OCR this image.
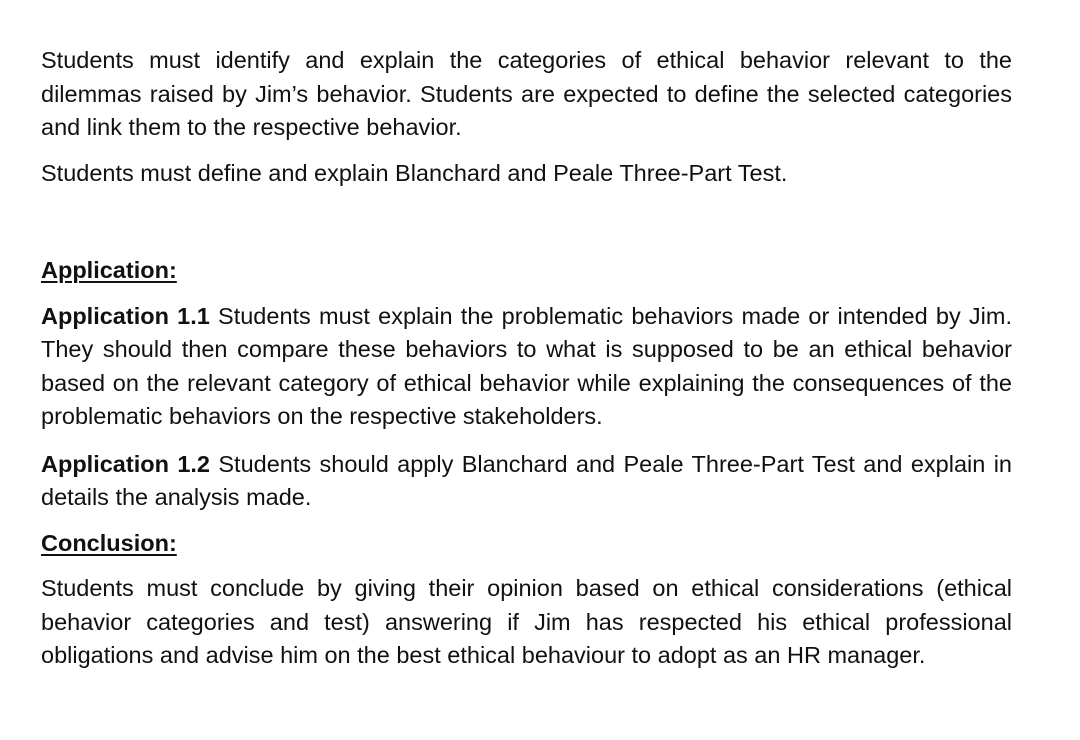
Students must identify and explain the categories of ethical behavior relevant to the dilemmas raised by Jim’s behavior. Students are expected to define the selected categories and link them to the respective behavior.

Students must define and explain Blanchard and Peale Three-Part Test.

Application:

Application 1.1 Students must explain the problematic behaviors made or intended by Jim. They should then compare these behaviors to what is supposed to be an ethical behavior based on the relevant category of ethical behavior while explaining the consequences of the problematic behaviors on the respective stakeholders.

Application 1.2 Students should apply Blanchard and Peale Three-Part Test and explain in details the analysis made.

Conclusion:

Students must conclude by giving their opinion based on ethical considerations (ethical behavior categories and test) answering if Jim has respected his ethical professional obligations and advise him on the best ethical behaviour to adopt as an HR manager.
